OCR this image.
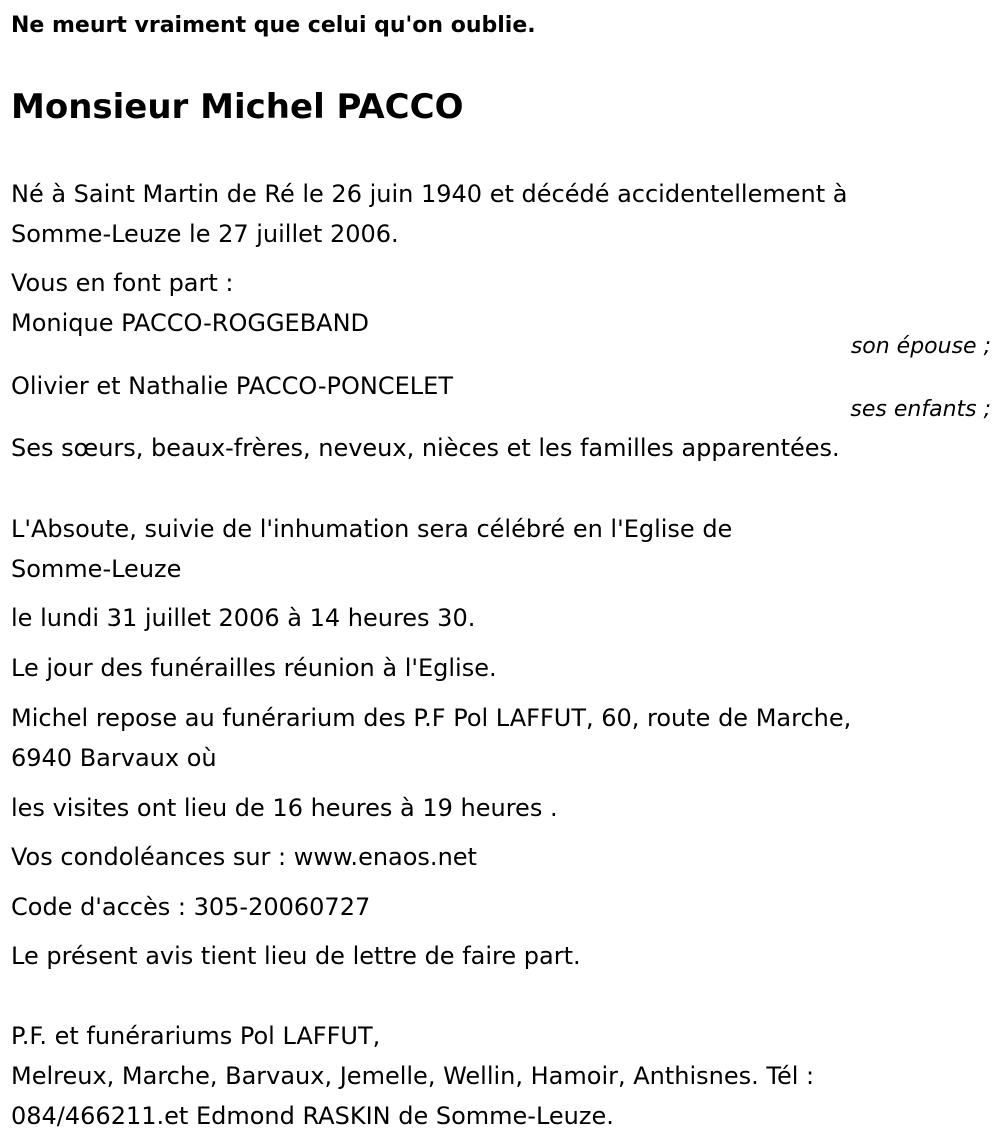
Ne meurt vraiment que celui qu'on oublie.
Monsieur Michel PACCO
Né à Saint Martin de Ré le 26 juin 1940 et décédé accidentellement à
Somme-Leuze le 27 juillet 2006.
Vous en font part :
Monique PACCO-ROGGEBAND
son épouse ;
Olivier et Nathalie PACCO-PONCELET
ses enfants ;
Ses sœurs, beaux-frères, neveux, nièces et les familles apparentées.
L'Absoute, suivie de l'inhumation sera célébré en l'Eglise de
Somme-Leuze
le lundi 31 juillet 2006 à 14 heures 30.
Le jour des funérailles réunion à l'Eglise.
Michel repose au funérarium des P.F Pol LAFFUT, 60, route de Marche,
6940 Barvaux où
les visites ont lieu de 16 heures à 19 heures .
Vos condoléances sur : www.enaos.net
Code d'accès : 305-20060727
Le présent avis tient lieu de lettre de faire part.
P.F. et funérariums Pol LAFFUT,
Melreux, Marche, Barvaux, Jemelle, Wellin, Hamoir, Anthisnes. Tél :
084/466211.et Edmond RASKIN de Somme-Leuze.
